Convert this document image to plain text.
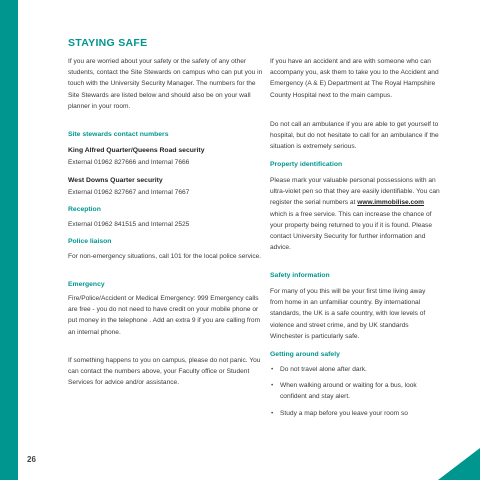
STAYING SAFE

If you are worried about your safety or the safety of any other students, contact the Site Stewards on campus who can put you in touch with the University Security Manager. The numbers for the Site Stewards are listed below and should also be on your wall planner in your room.

Site stewards contact numbers

King Alfred Quarter/Queens Road security

External 01962 827666 and Internal 7666

West Downs Quarter security

External 01962 827667 and Internal 7667

Reception

External 01962 841515 and Internal 2525

Police liaison

For non-emergency situations, call 101 for the local police service.

Emergency

Fire/Police/Accident or Medical Emergency: 999 Emergency calls are free - you do not need to have credit on your mobile phone or put money in the telephone . Add an extra 9 if you are calling from an internal phone.

If something happens to you on campus, please do not panic. You can contact the numbers above, your Faculty office or Student Services for advice and/or assistance.

If you have an accident and are with someone who can accompany you, ask them to take you to the Accident and Emergency (A & E) Department at The Royal Hampshire County Hospital next to the main campus.

Do not call an ambulance if you are able to get yourself to hospital, but do not hesitate to call for an ambulance if the situation is extremely serious.

Property identification

Please mark your valuable personal possessions with an ultra-violet pen so that they are easily identifiable. You can register the serial numbers at www.immobilise.com which is a free service. This can increase the chance of your property being returned to you if it is found. Please contact University Security for further information and advice.

Safety information

For many of you this will be your first time living away from home in an unfamiliar country. By international standards, the UK is a safe country, with low levels of violence and street crime, and by UK standards Winchester is particularly safe.

Getting around safely

• Do not travel alone after dark.
• When walking around or waiting for a bus, look confident and stay alert.
• Study a map before you leave your room so
26
